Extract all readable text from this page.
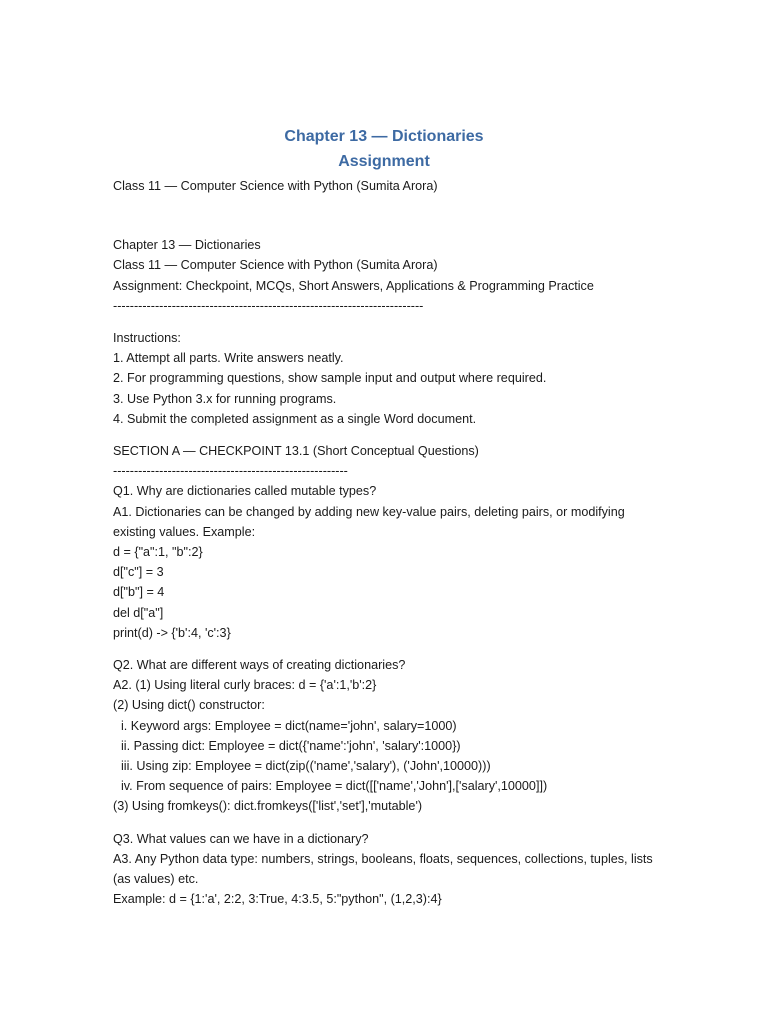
Chapter 13 — Dictionaries
Assignment
Class 11 — Computer Science with Python (Sumita Arora)
Chapter 13 — Dictionaries
Class 11 — Computer Science with Python (Sumita Arora)
Assignment: Checkpoint, MCQs, Short Answers, Applications & Programming Practice
--------------------------------------------------------------------------
Instructions:
1. Attempt all parts. Write answers neatly.
2. For programming questions, show sample input and output where required.
3. Use Python 3.x for running programs.
4. Submit the completed assignment as a single Word document.
SECTION A — CHECKPOINT 13.1 (Short Conceptual Questions)
--------------------------------------------------------
Q1. Why are dictionaries called mutable types?
A1. Dictionaries can be changed by adding new key-value pairs, deleting pairs, or modifying
existing values. Example:
d = {"a":1, "b":2}
d["c"] = 3
d["b"] = 4
del d["a"]
print(d) -> {'b':4, 'c':3}
Q2. What are different ways of creating dictionaries?
A2. (1) Using literal curly braces: d = {'a':1,'b':2}
(2) Using dict() constructor:
i. Keyword args: Employee = dict(name='john', salary=1000)
ii. Passing dict: Employee = dict({'name':'john', 'salary':1000})
iii. Using zip: Employee = dict(zip(('name','salary'), ('John',10000)))
iv. From sequence of pairs: Employee = dict([['name','John'],['salary',10000]])
(3) Using fromkeys(): dict.fromkeys(['list','set'],'mutable')
Q3. What values can we have in a dictionary?
A3. Any Python data type: numbers, strings, booleans, floats, sequences, collections, tuples, lists
(as values) etc.
Example: d = {1:'a', 2:2, 3:True, 4:3.5, 5:"python", (1,2,3):4}
